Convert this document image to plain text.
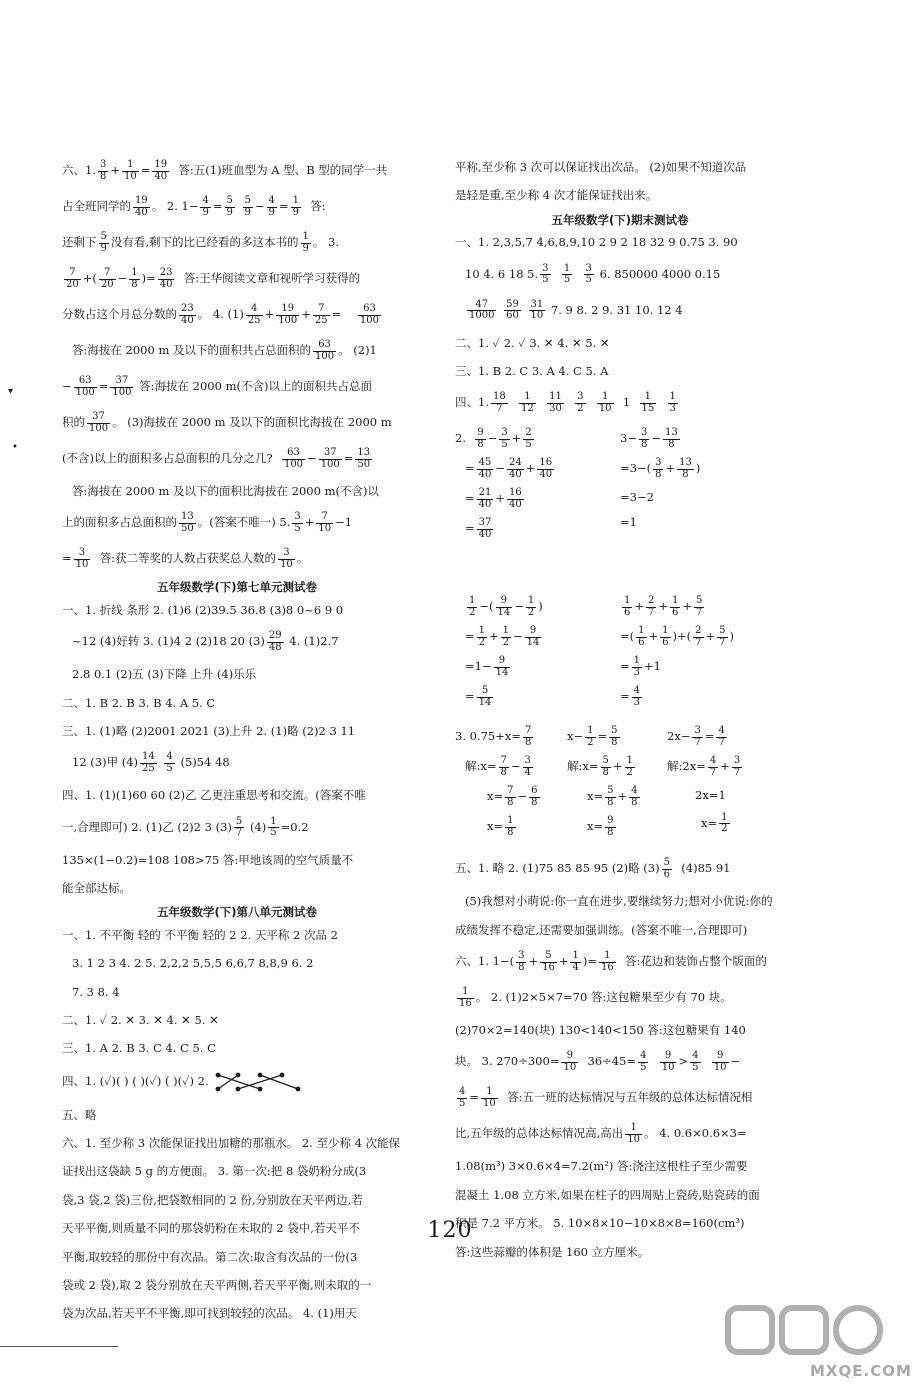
六、1. $\frac{3}{8} + \frac{1}{10} = \frac{19}{40}$ 答:五(1)班血型为 A 型、B 型的同学一共
占全班同学的 $\frac{19}{40}$ 。 2. $1- \frac{4}{9} = \frac{5}{9}$
$\frac{5}{9} - \frac{4}{9} = \frac{1}{9}$ 答:
还剩下 $\frac{5}{9}$ 没有看,剩下的比已经看的多这本书的 $\frac{1}{9}$ 。 3.
$\frac{7}{20}$ +( $\frac{7}{20} - \frac{1}{8}$ )= $\frac{23}{40}$ 答:王华阅读文章和视听学习获得的
分数占这个月总分数的 $\frac{23}{40}$ 。 4. $(1) \frac{4}{25} + \frac{19}{100} + \frac{7}{25} = \frac{63}{100}$
答:海拔在 2000 m 及以下的面积共占总面积的 $\frac{63}{100}$ 。 (2)1
− $\frac{63}{100} = \frac{37}{100}$ 答:海拔在 2000 m(不含)以上的面积共占总面
积的 $\frac{37}{100}$ 。 (3)海拔在 2000 m 及以下的面积比海拔在 2000 m
(不含)以上的面积多占总面积的几分之几? $\frac{63}{100} - \frac{37}{100} = \frac{13}{50}$
答:海拔在 2000 m 及以下的面积比海拔在 2000 m(不含)以
上的面积多占总面积的 $\frac{13}{50}$ 。(答案不唯一) 5. $\frac{3}{5} + \frac{7}{10} -1$
= $\frac{3}{10}$ 答:获二等奖的人数占获奖总人数的 $\frac{3}{10}$ 。
五年级数学(下)第七单元测试卷
一、1. 折线 条形 2. (1)6 (2)39.5 36.8 (3)8 0~6 9 0
~12 (4)好转 3. (1)4 2 (2)18 20 $(3) \frac{29}{48} 4$. (1)2.7
2.8 0.1 (2)五 (3)下降 上升 (4)乐乐
二、1. B 2. B 3. B 4. A 5. C
三、1. (1)略 (2)2001 2021 (3)上升 2. (1)略 (2)2 3 11
12 (3)甲 $(4) \frac{14}{25}$
$\frac{4}{5} (5)54$ 48
四、1. (1)(1)60 60 (2)乙 乙更注重思考和交流。(答案不唯
一,合理即可) 2. (1)乙 (2)2 3 $(3) \frac{5}{7} (4) \frac{1}{5} =0.2$
135×(1−0.2)=108 108>75 答:甲地该周的空气质量不
能全部达标。
五年级数学(下)第八单元测试卷
一、1. 不平衡 轻的 不平衡 轻的 2 2. 天平称 2 次品 2
3. 1 2 3 4. 2 5. 2,2,2 5,5,5 6,6,7 8,8,9 6. 2
7. 3 8. 4
二、1. ✓ 2. ✕ 3. ✕ 4. ✕ 5. ✕
三、1. A 2. B 3. C 4. C 5. C
四、1. (✓)( ) ( )(✓) ( )(✓) 2.
五、略
六、1. 至少称 3 次能保证找出加糖的那瓶水。 2. 至少称 4 次能保
证找出这袋缺 5 g 的方便面。 3. 第一次:把 8 袋奶粉分成(3
袋,3 袋,2 袋)三份,把袋数相同的 2 份,分别放在天平两边,若
天平平衡,则质量不同的那袋奶粉在未取的 2 袋中,若天平不
平衡,取较轻的那份中有次品。第二次:取含有次品的一份(3
袋或 2 袋),取 2 袋分别放在天平两侧,若天平平衡,则未取的一
袋为次品,若天平不平衡,即可找到较轻的次品。 4. (1)用天
平称,至少称 3 次可以保证找出次品。 (2)如果不知道次品
是轻是重,至少称 4 次才能保证找出来。
五年级数学(下)期末测试卷
一、1. 2,3,5,7 4,6,8,9,10 2 9 2 18 32 9 0.75 3. 90
10 4. 6 18 5. $\frac{3}{5}$
$\frac{1}{5}$
$\frac{3}{5} 6$. 850000 4000 0.15
$\frac{47}{1000}$
$\frac{59}{60}$
$\frac{31}{10} 7$. 9 8. 2 9. 31 10. 12 4
二、1. ✓ 2. ✓ 3. ✕ 4. ✕ 5. ✕
三、1. B 2. C 3. A 4. C 5. A
四、1. $\frac{18}{7}$
$\frac{1}{12}$
$\frac{11}{30}$
$\frac{3}{2}$
$\frac{1}{10} 1 \frac{1}{15}$
$\frac{1}{3}$
2. $\frac{9}{8} - \frac{3}{5} + \frac{2}{5}$
= $\frac{45}{40} - \frac{24}{40} + \frac{16}{40}$
= $\frac{21}{40} + \frac{16}{40}$
= $\frac{37}{40}$
$3- \frac{3}{8} - \frac{13}{8}$
$=3-( \frac{3}{8} + \frac{13}{8}$ )
=3−2
=1
$\frac{1}{2}$ −( $\frac{9}{14} - \frac{1}{2}$ )
= $\frac{1}{2} + \frac{1}{2} - \frac{9}{14}$
$=1- \frac{9}{14}$
= $\frac{5}{14}$
$\frac{1}{6} + \frac{2}{7} + \frac{1}{6} + \frac{5}{7}$
=( $\frac{1}{6} + \frac{1}{6}$ )+( $\frac{2}{7} + \frac{5}{7}$ )
= $\frac{1}{3} +1$
= $\frac{4}{3}$
3. $0.75+x= \frac{7}{8}$
解:x= $\frac{7}{8} - \frac{3}{4}$
$x= \frac{7}{8} - \frac{6}{8}$
$x= \frac{1}{8}$
$x- \frac{1}{2} = \frac{5}{8}$
解:x= $\frac{5}{8} + \frac{1}{2}$
$x= \frac{5}{8} + \frac{4}{8}$
$x= \frac{9}{8}$
$2x- \frac{3}{7} = \frac{4}{7}$
解:2x= $\frac{4}{7} + \frac{3}{7}$
2x=1
$x= \frac{1}{2}$
五、1. 略 2. (1)75 85 85 95 (2)略 $(3) \frac{5}{6} (4)85$ 91
(5)我想对小萌说:你一直在进步,要继续努力;想对小优说:你的
成绩发挥不稳定,还需要加强训练。(答案不唯一,合理即可)
六、1. $1-( \frac{3}{8} + \frac{5}{16} + \frac{1}{4}$ )= $\frac{1}{16}$ 答:花边和装饰占整个版面的
$\frac{1}{16}$ 。 2. (1)2×5×7=70 答:这包糖果至少有 70 块。
(2)70×2=140(块) 130<140<150 答:这包糖果有 140
块。 3. $270\div 300= \frac{9}{10} 36\div 45= \frac{4}{5}$
$\frac{9}{10} > \frac{4}{5}$
$\frac{9}{10}$ −
$\frac{4}{5} = \frac{1}{10}$ 答:五一班的达标情况与五年级的总体达标情况相
比,五年级的总体达标情况高,高出 $\frac{1}{10}$ 。 4. 0.6×0.6×3=
1.08(m³) 3×0.6×4=7.2(m²) 答:浇注这根柱子至少需要
混凝土 1.08 立方米,如果在柱子的四周贴上瓷砖,贴瓷砖的面
积是 7.2 平方米。 5. 10×8×10−10×8×8=160(cm³)
答:这些蒜瓣的体积是 160 立方厘米。
▾
•
120
MXQE.COM
